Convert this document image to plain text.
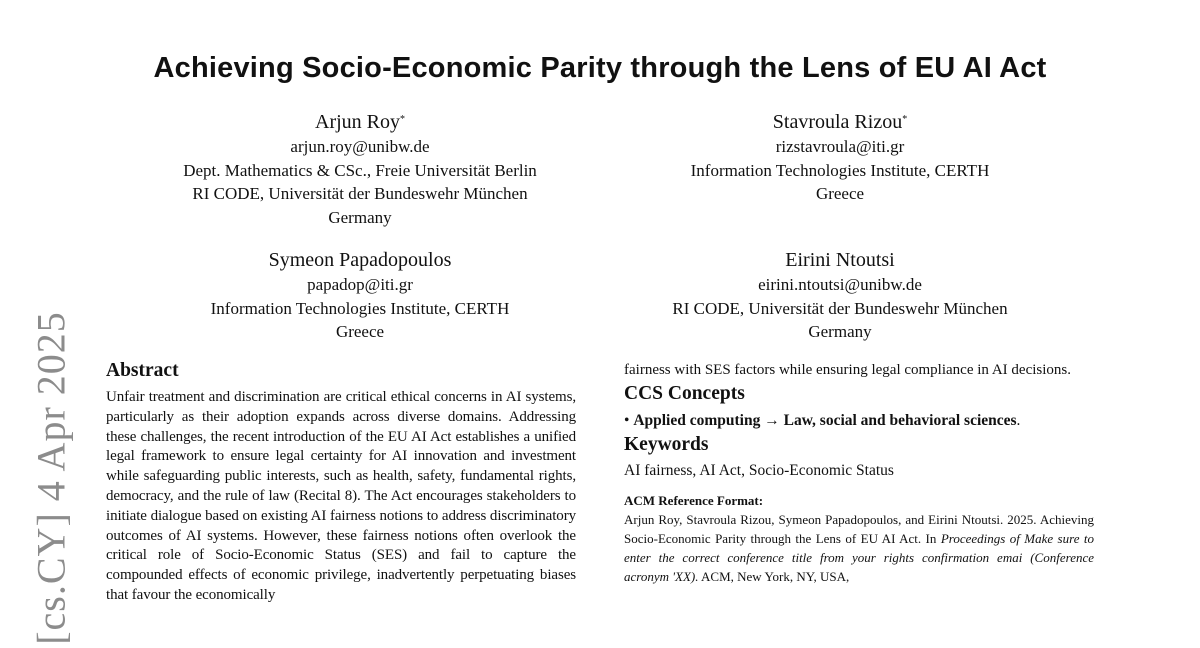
[cs.CY] 4 Apr 2025
Achieving Socio-Economic Parity through the Lens of EU AI Act
Arjun Roy*
arjun.roy@unibw.de
Dept. Mathematics & CSc., Freie Universität Berlin
RI CODE, Universität der Bundeswehr München
Germany
Stavroula Rizou*
rizstavroula@iti.gr
Information Technologies Institute, CERTH
Greece
Symeon Papadopoulos
papadop@iti.gr
Information Technologies Institute, CERTH
Greece
Eirini Ntoutsi
eirini.ntoutsi@unibw.de
RI CODE, Universität der Bundeswehr München
Germany
Abstract

Unfair treatment and discrimination are critical ethical concerns in AI systems, particularly as their adoption expands across diverse domains. Addressing these challenges, the recent introduction of the EU AI Act establishes a unified legal framework to ensure legal certainty for AI innovation and investment while safeguarding public interests, such as health, safety, fundamental rights, democracy, and the rule of law (Recital 8). The Act encourages stakeholders to initiate dialogue based on existing AI fairness notions to address discriminatory outcomes of AI systems. However, these fairness notions often overlook the critical role of Socio-Economic Status (SES) and fail to capture the compounded effects of economic privilege, inadvertently perpetuating biases that favour the economically

fairness with SES factors while ensuring legal compliance in AI decisions.

CCS Concepts
• Applied computing → Law, social and behavioral sciences.
Keywords
AI fairness, AI Act, Socio-Economic Status
ACM Reference Format:
Arjun Roy, Stavroula Rizou, Symeon Papadopoulos, and Eirini Ntoutsi. 2025. Achieving Socio-Economic Parity through the Lens of EU AI Act. In Proceedings of Make sure to enter the correct conference title from your rights confirmation emai (Conference acronym 'XX). ACM, New York, NY, USA,
